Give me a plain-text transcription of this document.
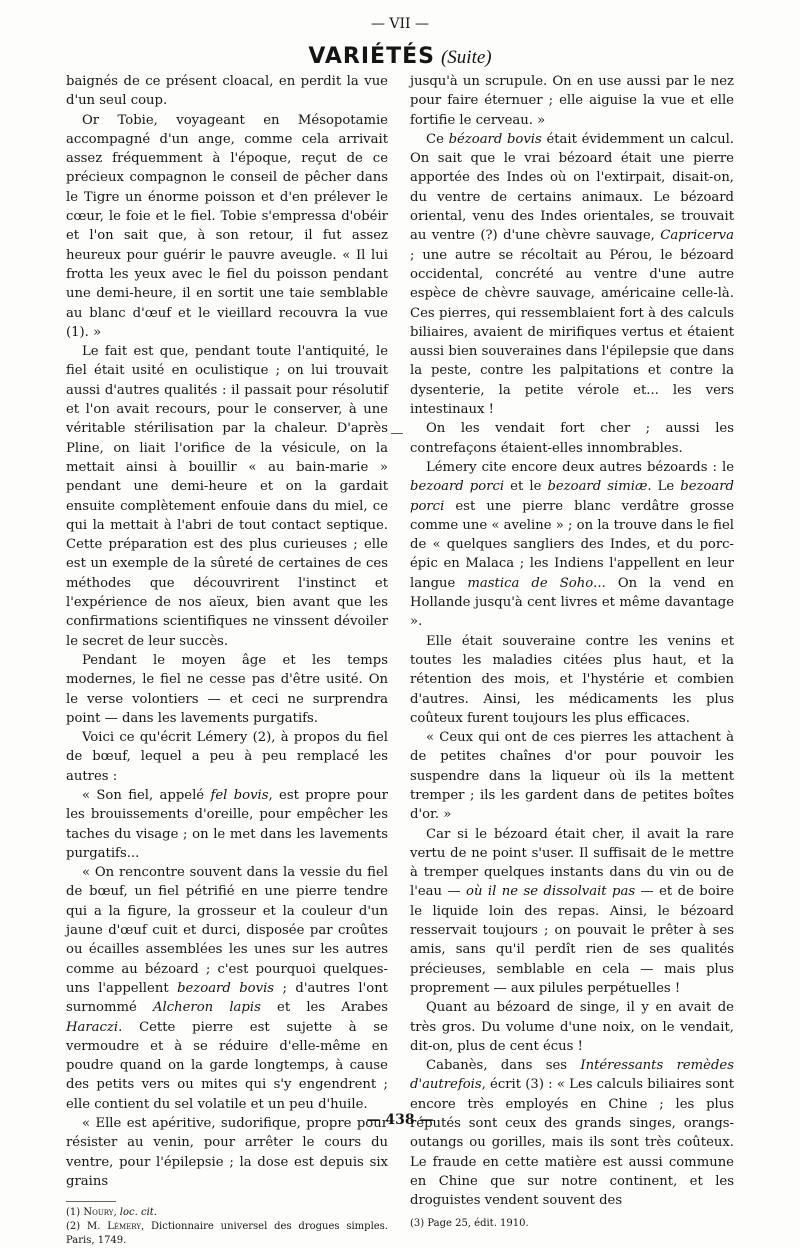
— VII —
VARIÉTÉS (Suite)

baignés de ce présent cloacal, en perdit la vue d'un seul coup.

Or Tobie, voyageant en Mésopotamie accompagné d'un ange, comme cela arrivait assez fréquemment à l'époque, reçut de ce précieux compagnon le conseil de pêcher dans le Tigre un énorme poisson et d'en prélever le cœur, le foie et le fiel. Tobie s'empressa d'obéir et l'on sait que, à son retour, il fut assez heureux pour guérir le pauvre aveugle. « Il lui frotta les yeux avec le fiel du poisson pendant une demi-heure, il en sortit une taie semblable au blanc d'œuf et le vieillard recouvra la vue (1). »

Le fait est que, pendant toute l'antiquité, le fiel était usité en oculistique ; on lui trouvait aussi d'autres qualités : il passait pour résolutif et l'on avait recours, pour le conserver, à une véritable stérilisation par la chaleur. D'après Pline, on liait l'orifice de la vésicule, on la mettait ainsi à bouillir « au bain-marie » pendant une demi-heure et on la gardait ensuite complètement enfouie dans du miel, ce qui la mettait à l'abri de tout contact septique. Cette préparation est des plus curieuses ; elle est un exemple de la sûreté de certaines de ces méthodes que découvrirent l'instinct et l'expérience de nos aïeux, bien avant que les confirmations scientifiques ne vinssent dévoiler le secret de leur succès.

Pendant le moyen âge et les temps modernes, le fiel ne cesse pas d'être usité. On le verse volontiers — et ceci ne surprendra point — dans les lavements purgatifs.

Voici ce qu'écrit Lémery (2), à propos du fiel de bœuf, lequel a peu à peu remplacé les autres :

« Son fiel, appelé fel bovis, est propre pour les brouissements d'oreille, pour empêcher les taches du visage ; on le met dans les lavements purgatifs...

« On rencontre souvent dans la vessie du fiel de bœuf, un fiel pétrifié en une pierre tendre qui a la figure, la grosseur et la couleur d'un jaune d'œuf cuit et durci, disposée par croûtes ou écailles assemblées les unes sur les autres comme au bézoard ; c'est pourquoi quelques-uns l'appellent bezoard bovis ; d'autres l'ont surnommé Alcheron lapis et les Arabes Haraczi. Cette pierre est sujette à se vermoudre et à se réduire d'elle-même en poudre quand on la garde longtemps, à cause des petits vers ou mites qui s'y engendrent ; elle contient du sel volatile et un peu d'huile.

« Elle est apéritive, sudorifique, propre pour résister au venin, pour arrêter le cours du ventre, pour l'épilepsie ; la dose est depuis six grains

(1) Noury, loc. cit.

(2) M. Lémery, Dictionnaire universel des drogues simples. Paris, 1749.

jusqu'à un scrupule. On en use aussi par le nez pour faire éternuer ; elle aiguise la vue et elle fortifie le cerveau. »

Ce bézoard bovis était évidemment un calcul. On sait que le vrai bézoard était une pierre apportée des Indes où on l'extirpait, disait-on, du ventre de certains animaux. Le bézoard oriental, venu des Indes orientales, se trouvait au ventre (?) d'une chèvre sauvage, Capricerva ; une autre se récoltait au Pérou, le bézoard occidental, concrété au ventre d'une autre espèce de chèvre sauvage, américaine celle-là. Ces pierres, qui ressemblaient fort à des calculs biliaires, avaient de mirifiques vertus et étaient aussi bien souveraines dans l'épilepsie que dans la peste, contre les palpitations et contre la dysenterie, la petite vérole et... les vers intestinaux !

On les vendait fort cher ; aussi les contrefaçons étaient-elles innombrables.

Lémery cite encore deux autres bézoards : le bezoard porci et le bezoard simiæ. Le bezoard porci est une pierre blanc verdâtre grosse comme une « aveline » ; on la trouve dans le fiel de « quelques sangliers des Indes, et du porc-épic en Malaca ; les Indiens l'appellent en leur langue mastica de Soho... On la vend en Hollande jusqu'à cent livres et même davantage ».

Elle était souveraine contre les venins et toutes les maladies citées plus haut, et la rétention des mois, et l'hystérie et combien d'autres. Ainsi, les médicaments les plus coûteux furent toujours les plus efficaces.

« Ceux qui ont de ces pierres les attachent à de petites chaînes d'or pour pouvoir les suspendre dans la liqueur où ils la mettent tremper ; ils les gardent dans de petites boîtes d'or. »

Car si le bézoard était cher, il avait la rare vertu de ne point s'user. Il suffisait de le mettre à tremper quelques instants dans du vin ou de l'eau — où il ne se dissolvait pas — et de boire le liquide loin des repas. Ainsi, le bézoard resservait toujours ; on pouvait le prêter à ses amis, sans qu'il perdît rien de ses qualités précieuses, semblable en cela — mais plus proprement — aux pilules perpétuelles !

Quant au bézoard de singe, il y en avait de très gros. Du volume d'une noix, on le vendait, dit-on, plus de cent écus !

Cabanès, dans ses Intéressants remèdes d'autrefois, écrit (3) : « Les calculs biliaires sont encore très employés en Chine ; les plus réputés sont ceux des grands singes, orangs-outangs ou gorilles, mais ils sont très coûteux. Le fraude en cette matière est aussi commune en Chine que sur notre continent, et les droguistes vendent souvent des

(3) Page 25, édit. 1910.

— 438 —
